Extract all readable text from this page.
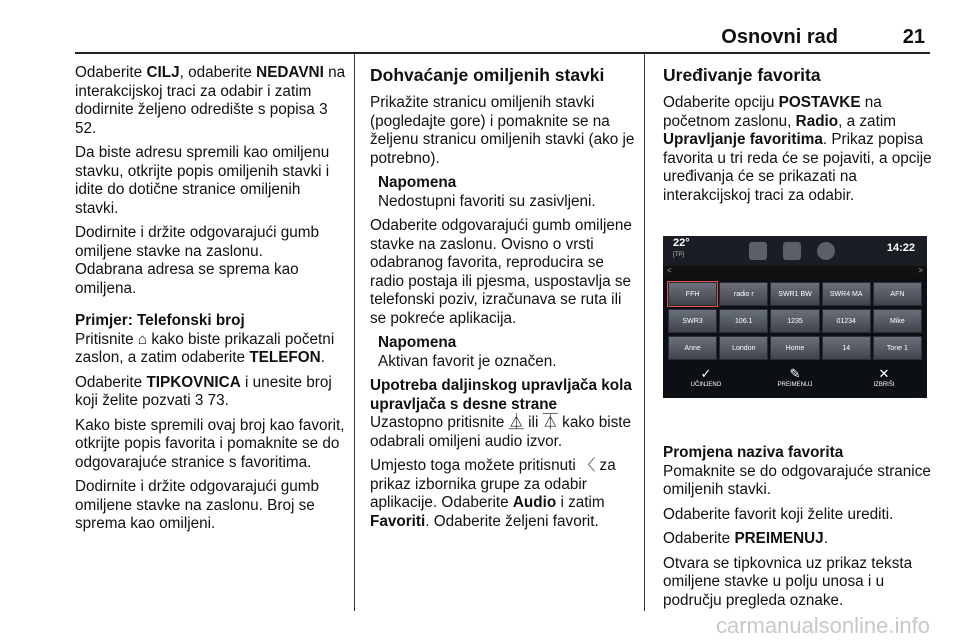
Osnovni rad	21

Odaberite CILJ, odaberite NEDAVNI na interakcijskoj traci za odabir i zatim dodirnite željeno odredište s popisa 3 52.

Da biste adresu spremili kao omiljenu stavku, otkrijte popis omiljenih stavki i idite do dotične stranice omiljenih stavki.

Dodirnite i držite odgovarajući gumb omiljene stavke na zaslonu.

Odabrana adresa se sprema kao omiljena.

Primjer: Telefonski broj

Pritisnite ⌂ kako biste prikazali početni zaslon, a zatim odaberite TELEFON.

Odaberite TIPKOVNICA i unesite broj koji želite pozvati 3 73.

Kako biste spremili ovaj broj kao favorit, otkrijte popis favorita i pomaknite se do odgovarajuće stranice s favoritima.

Dodirnite i držite odgovarajući gumb omiljene stavke na zaslonu. Broj se sprema kao omiljeni.

Dohvaćanje omiljenih stavki

Prikažite stranicu omiljenih stavki (pogledajte gore) i pomaknite se na željenu stranicu omiljenih stavki (ako je potrebno).

Napomena
Nedostupni favoriti su zasivljeni.

Odaberite odgovarajući gumb omiljene stavke na zaslonu. Ovisno o vrsti odabranog favorita, reproducira se radio postaja ili pjesma, uspostavlja se telefonski poziv, izračunava se ruta ili se pokreće aplikacija.

Napomena
Aktivan favorit je označen.
Upotreba daljinskog upravljača kola upravljača s desne strane

Uzastopno pritisnite ⏅ ili ⏄ kako biste odabrali omiljeni audio izvor.

Umjesto toga možete pritisnuti 〈 za prikaz izbornika grupe za odabir aplikacije. Odaberite Audio i zatim Favoriti. Odaberite željeni favorit.

Uređivanje favorita

Odaberite opciju POSTAVKE na početnom zaslonu, Radio, a zatim Upravljanje favoritima. Prikaz popisa favorita u tri reda će se pojaviti, a opcije uređivanja će se prikazati na interakcijskoj traci za odabir.

22°
[TP]
14:22
<	>
FFH	radio r	SWR1 BW	SWR4 MA	AFN
SWR3	106.1	1235	01234	Mike
Anne	London	Home	14	Tone 1
✓
UČINJENO
✎
PREIMENUJ
✕
IZBRIŠI
Promjena naziva favorita

Pomaknite se do odgovarajuće stranice omiljenih stavki.

Odaberite favorit koji želite urediti.

Odaberite PREIMENUJ.

Otvara se tipkovnica uz prikaz teksta omiljene stavke u polju unosa i u području pregleda oznake.

carmanualsonline.info
